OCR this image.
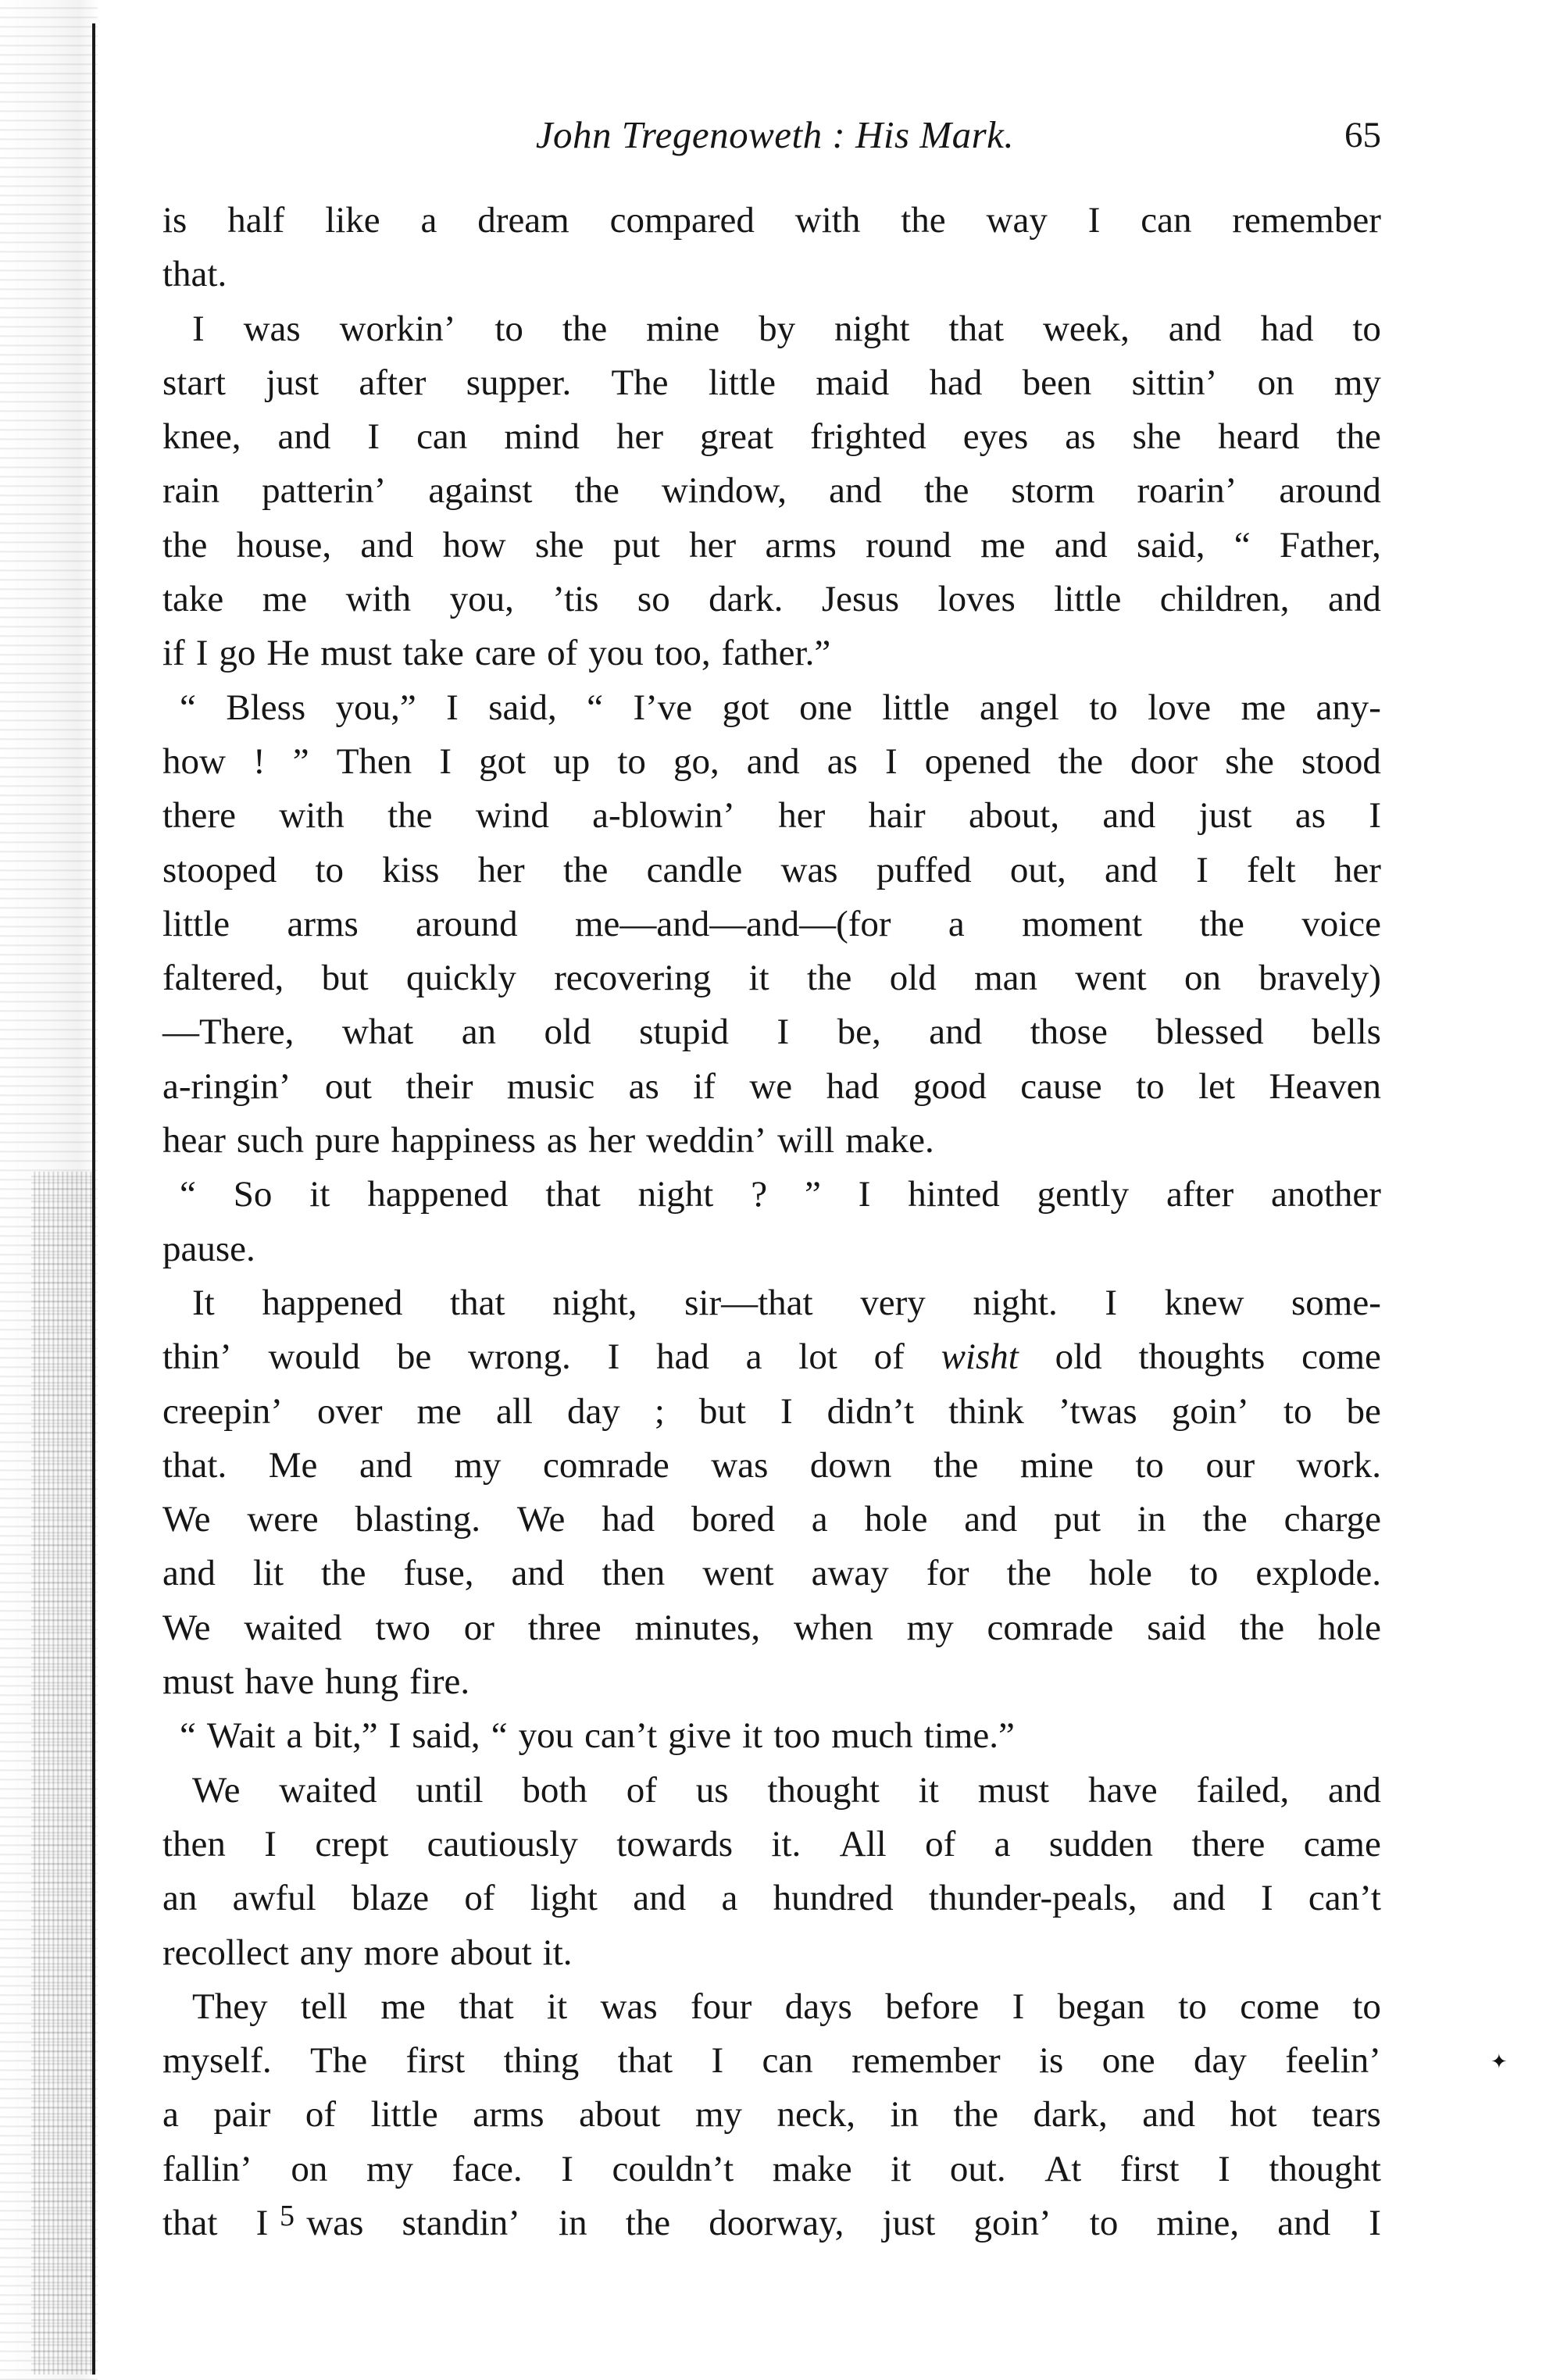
John Tregenoweth : His Mark.	65
is half like a dream compared with the way I can remember
that.
I was workin’ to the mine by night that week, and had to
start just after supper. The little maid had been sittin’ on my
knee, and I can mind her great frighted eyes as she heard the
rain patterin’ against the window, and the storm roarin’ around
the house, and how she put her arms round me and said, “ Father,
take me with you, ’tis so dark. Jesus loves little children, and
if I go He must take care of you too, father.”
“ Bless you,” I said, “ I’ve got one little angel to love me any-
how ! ” Then I got up to go, and as I opened the door she stood
there with the wind a-blowin’ her hair about, and just as I
stooped to kiss her the candle was puffed out, and I felt her
little arms around me—and—and—(for a moment the voice
faltered, but quickly recovering it the old man went on bravely)
—There, what an old stupid I be, and those blessed bells
a-ringin’ out their music as if we had good cause to let Heaven
hear such pure happiness as her weddin’ will make.
“ So it happened that night ? ” I hinted gently after another
pause.
It happened that night, sir—that very night. I knew some-
thin’ would be wrong. I had a lot of wisht old thoughts come
creepin’ over me all day ; but I didn’t think ’twas goin’ to be
that. Me and my comrade was down the mine to our work.
We were blasting. We had bored a hole and put in the charge
and lit the fuse, and then went away for the hole to explode.
We waited two or three minutes, when my comrade said the hole
must have hung fire.
“ Wait a bit,” I said, “ you can’t give it too much time.”
We waited until both of us thought it must have failed, and
then I crept cautiously towards it. All of a sudden there came
an awful blaze of light and a hundred thunder-peals, and I can’t
recollect any more about it.
They tell me that it was four days before I began to come to
myself. The first thing that I can remember is one day feelin’
a pair of little arms about my neck, in the dark, and hot tears
fallin’ on my face. I couldn’t make it out. At first I thought
that I was standin’ in the doorway, just goin’ to mine, and I
5
✦
